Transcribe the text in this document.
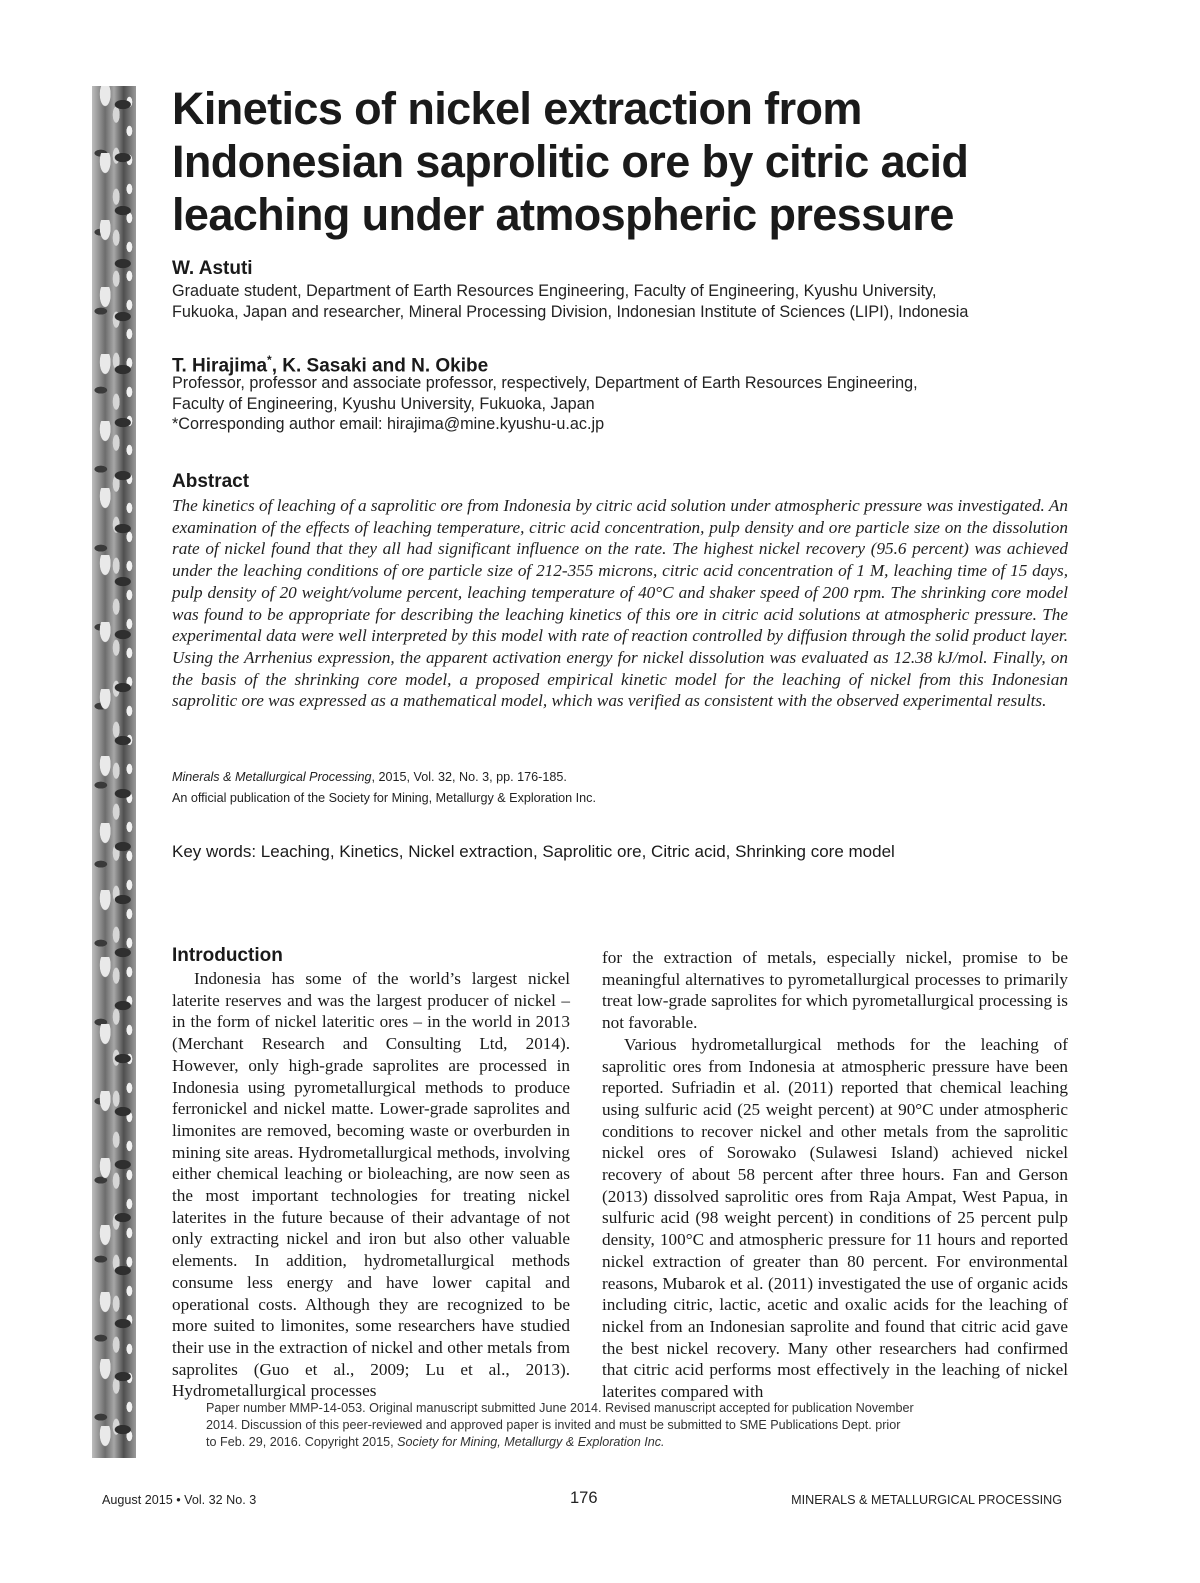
Kinetics of nickel extraction from
Indonesian saprolitic ore by citric acid
leaching under atmospheric pressure
W. Astuti
Graduate student, Department of Earth Resources Engineering, Faculty of Engineering, Kyushu University,
Fukuoka, Japan and researcher, Mineral Processing Division, Indonesian Institute of Sciences (LIPI), Indonesia
T. Hirajima*, K. Sasaki and N. Okibe
Professor, professor and associate professor, respectively, Department of Earth Resources Engineering,
Faculty of Engineering, Kyushu University, Fukuoka, Japan
*Corresponding author email: hirajima@mine.kyushu-u.ac.jp
Abstract

The kinetics of leaching of a saprolitic ore from Indonesia by citric acid solution under atmospheric pressure was investigated. An examination of the effects of leaching temperature, citric acid concentration, pulp density and ore particle size on the dissolution rate of nickel found that they all had significant influence on the rate. The highest nickel recovery (95.6 percent) was achieved under the leaching conditions of ore particle size of 212-355 microns, citric acid concentration of 1 M, leaching time of 15 days, pulp density of 20 weight/volume percent, leaching temperature of 40°C and shaker speed of 200 rpm. The shrinking core model was found to be appropriate for describing the leaching kinetics of this ore in citric acid solutions at atmospheric pressure. The experimental data were well interpreted by this model with rate of reaction controlled by diffusion through the solid product layer. Using the Arrhenius expression, the apparent activation energy for nickel dissolution was evaluated as 12.38 kJ/mol. Finally, on the basis of the shrinking core model, a proposed empirical kinetic model for the leaching of nickel from this Indonesian saprolitic ore was expressed as a mathematical model, which was verified as consistent with the observed experimental results.

Minerals & Metallurgical Processing, 2015, Vol. 32, No. 3, pp. 176-185.
An official publication of the Society for Mining, Metallurgy & Exploration Inc.

Key words: Leaching, Kinetics, Nickel extraction, Saprolitic ore, Citric acid, Shrinking core model

Introduction

Indonesia has some of the world’s largest nickel laterite reserves and was the largest producer of nickel – in the form of nickel lateritic ores – in the world in 2013 (Merchant Research and Consulting Ltd, 2014). However, only high-grade saprolites are processed in Indonesia using pyrometallurgical methods to produce ferronickel and nickel matte. Lower-grade saprolites and limonites are removed, becoming waste or overburden in mining site areas. Hydrometallurgical methods, involving either chemical leaching or bioleaching, are now seen as the most important technologies for treating nickel laterites in the future because of their advantage of not only extracting nickel and iron but also other valuable elements. In addition, hydrometallurgical methods consume less energy and have lower capital and operational costs. Although they are recognized to be more suited to limonites, some researchers have studied their use in the extraction of nickel and other metals from saprolites (Guo et al., 2009; Lu et al., 2013). Hydrometallurgical processes

for the extraction of metals, especially nickel, promise to be meaningful alternatives to pyrometallurgical processes to primarily treat low-grade saprolites for which pyrometallurgical processing is not favorable.

Various hydrometallurgical methods for the leaching of saprolitic ores from Indonesia at atmospheric pressure have been reported. Sufriadin et al. (2011) reported that chemical leaching using sulfuric acid (25 weight percent) at 90°C under atmospheric conditions to recover nickel and other metals from the saprolitic nickel ores of Sorowako (Sulawesi Island) achieved nickel recovery of about 58 percent after three hours. Fan and Gerson (2013) dissolved saprolitic ores from Raja Ampat, West Papua, in sulfuric acid (98 weight percent) in conditions of 25 percent pulp density, 100°C and atmospheric pressure for 11 hours and reported nickel extraction of greater than 80 percent. For environmental reasons, Mubarok et al. (2011) investigated the use of organic acids including citric, lactic, acetic and oxalic acids for the leaching of nickel from an Indonesian saprolite and found that citric acid gave the best nickel recovery. Many other researchers had confirmed that citric acid performs most effectively in the leaching of nickel laterites compared with

Paper number MMP-14-053. Original manuscript submitted June 2014. Revised manuscript accepted for publication November
2014. Discussion of this peer-reviewed and approved paper is invited and must be submitted to SME Publications Dept. prior
to Feb. 29, 2016. Copyright 2015, Society for Mining, Metallurgy & Exploration Inc.
August 2015 • Vol. 32 No. 3	176	MINERALS & METALLURGICAL PROCESSING
